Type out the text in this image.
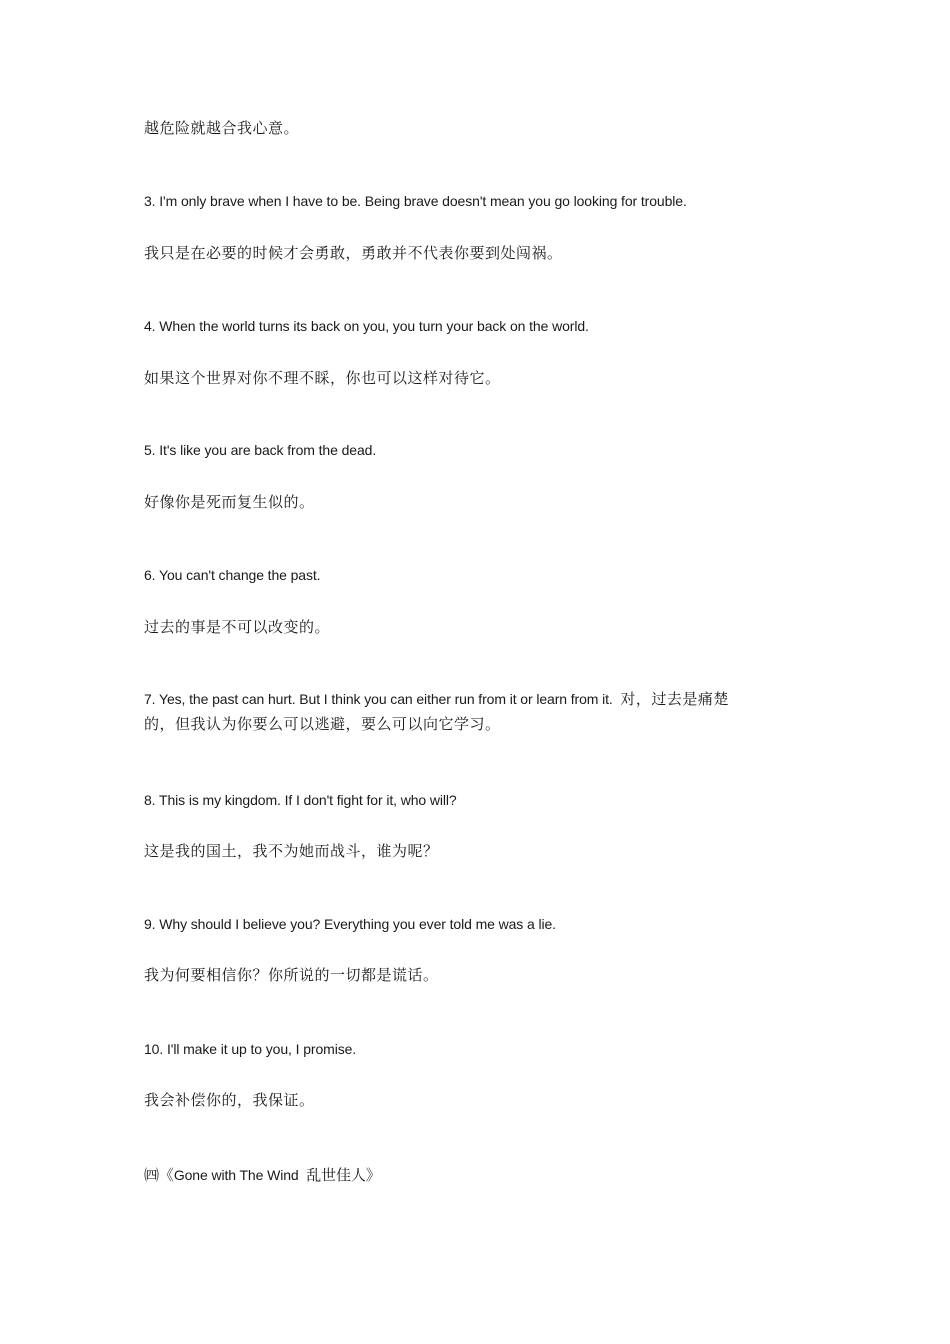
越危险就越合我心意。

3. I'm only brave when I have to be. Being brave doesn't mean you go looking for trouble.

我只是在必要的时候才会勇敢，勇敢并不代表你要到处闯祸。

4. When the world turns its back on you, you turn your back on the world.

如果这个世界对你不理不睬，你也可以这样对待它。

5. It's like you are back from the dead.

好像你是死而复生似的。

6. You can't change the past.

过去的事是不可以改变的。

7. Yes, the past can hurt. But I think you can either run from it or learn from it. 对，过去是痛楚
的，但我认为你要么可以逃避，要么可以向它学习。

8. This is my kingdom. If I don't fight for it, who will?

这是我的国土，我不为她而战斗，谁为呢？

9. Why should I believe you? Everything you ever told me was a lie.

我为何要相信你？你所说的一切都是谎话。

10. I'll make it up to you, I promise.

我会补偿你的，我保证。

㈣《Gone with The Wind 乱世佳人》
